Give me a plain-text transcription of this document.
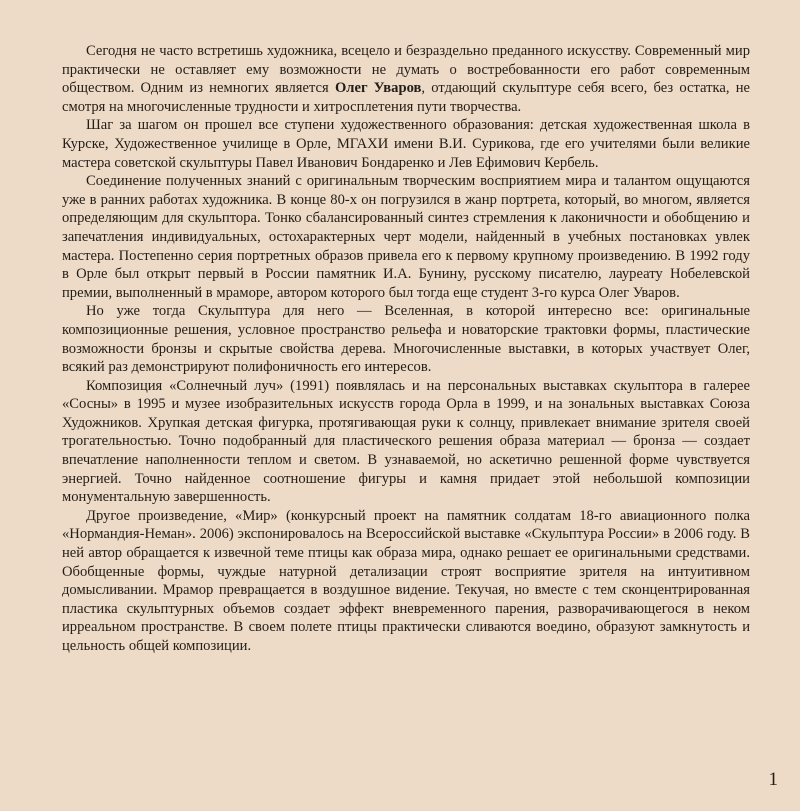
Сегодня не часто встретишь художника, всецело и безраздельно преданного искусству. Современный мир практически не оставляет ему возможности не думать о востребованности его работ современным обществом. Одним из немногих является Олег Уваров, отдающий скульптуре себя всего, без остатка, не смотря на многочисленные трудности и хитросплетения пути творчества.

Шаг за шагом он прошел все ступени художественного образования: детская художественная школа в Курске, Художественное училище в Орле, МГАХИ имени В.И. Сурикова, где его учителями были великие мастера советской скульптуры Павел Иванович Бондаренко и Лев Ефимович Кербель.

Соединение полученных знаний с оригинальным творческим восприятием мира и талантом ощущаются уже в ранних работах художника. В конце 80-х он погрузился в жанр портрета, который, во многом, является определяющим для скульптора. Тонко сбалансированный синтез стремления к лаконичности и обобщению и запечатления индивидуальных, остохарактерных черт модели, найденный в учебных постановках увлек мастера. Постепенно серия портретных образов привела его к первому крупному произведению. В 1992 году в Орле был открыт первый в России памятник И.А. Бунину, русскому писателю, лауреату Нобелевской премии, выполненный в мраморе, автором которого был тогда еще студент 3-го курса Олег Уваров.

Но уже тогда Скульптура для него — Вселенная, в которой интересно все: оригинальные композиционные решения, условное пространство рельефа и новаторские трактовки формы, пластические возможности бронзы и скрытые свойства дерева. Многочисленные выставки, в которых участвует Олег, всякий раз демонстрируют полифоничность его интересов.

Композиция «Солнечный луч» (1991) появлялась и на персональных выставках скульптора в галерее «Сосны» в 1995 и музее изобразительных искусств города Орла в 1999, и на зональных выставках Союза Художников. Хрупкая детская фигурка, протягивающая руки к солнцу, привлекает внимание зрителя своей трогательностью. Точно подобранный для пластического решения образа материал — бронза — создает впечатление наполненности теплом и светом. В узнаваемой, но аскетично решенной форме чувствуется энергией. Точно найденное соотношение фигуры и камня придает этой небольшой композиции монументальную завершенность.

Другое произведение, «Мир» (конкурсный проект на памятник солдатам 18-го авиационного полка «Нормандия-Неман». 2006) экспонировалось на Всероссийской выставке «Скульптура России» в 2006 году. В ней автор обращается к извечной теме птицы как образа мира, однако решает ее оригинальными средствами. Обобщенные формы, чуждые натурной детализации строят восприятие зрителя на интуитивном домысливании. Мрамор превращается в воздушное видение. Текучая, но вместе с тем сконцентрированная пластика скульптурных объемов создает эффект вневременного парения, разворачивающегося в неком ирреальном пространстве. В своем полете птицы практически сливаются воедино, образуют замкнутость и цельность общей композиции.

1
